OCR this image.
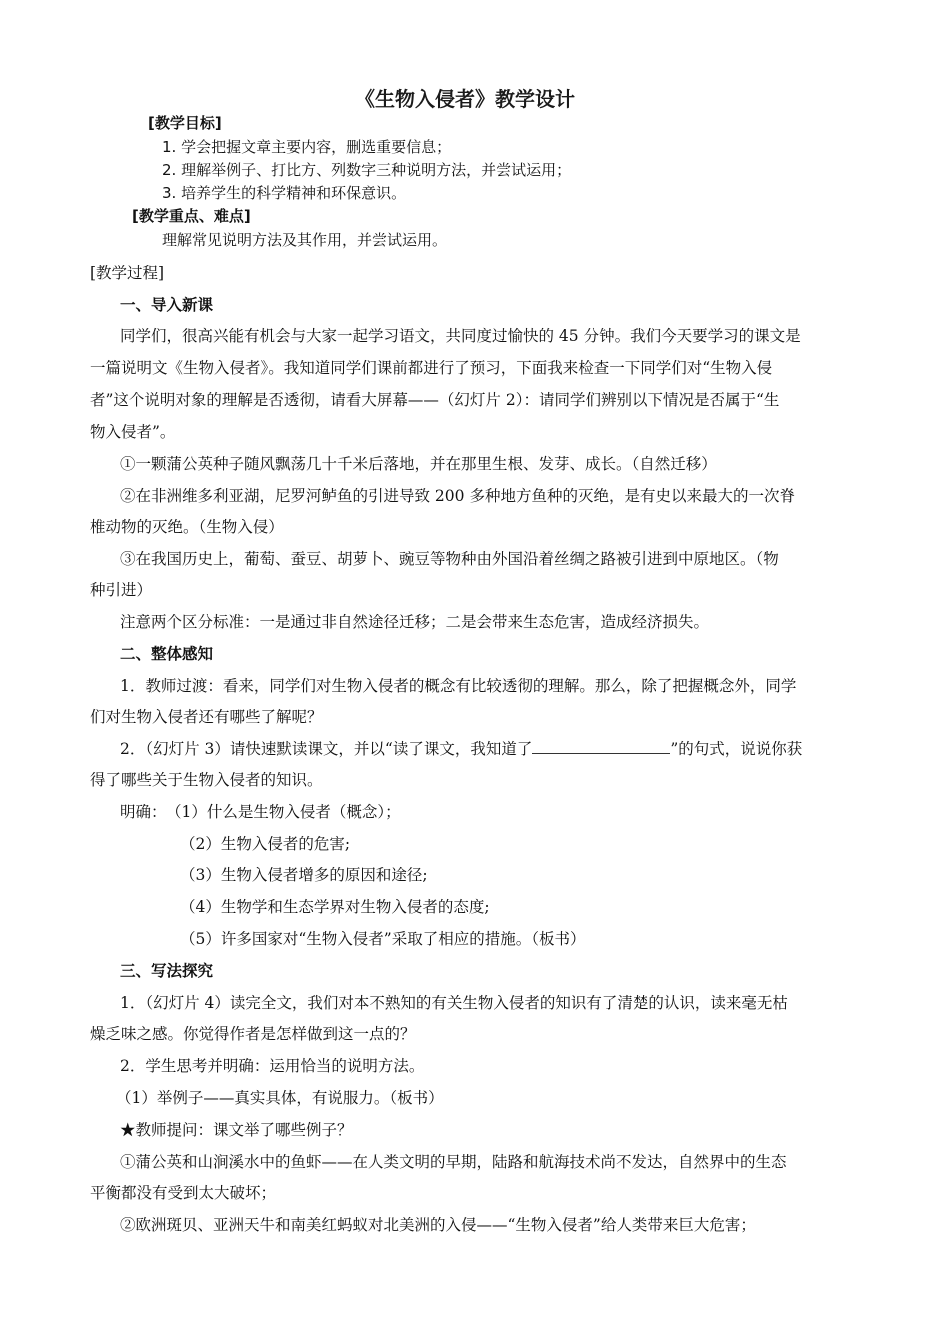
《生物入侵者》教学设计
[教学目标]
1. 学会把握文章主要内容，删选重要信息；
2. 理解举例子、打比方、列数字三种说明方法，并尝试运用；
3. 培养学生的科学精神和环保意识。
[教学重点、难点]
理解常见说明方法及其作用，并尝试运用。
[教学过程]
一、导入新课
同学们，很高兴能有机会与大家一起学习语文，共同度过愉快的 45 分钟。我们今天要学习的课文是
一篇说明文《生物入侵者》。我知道同学们课前都进行了预习，下面我来检查一下同学们对“生物入侵
者”这个说明对象的理解是否透彻，请看大屏幕——（幻灯片 2）：请同学们辨别以下情况是否属于“生
物入侵者”。
①一颗蒲公英种子随风飘荡几十千米后落地，并在那里生根、发芽、成长。（自然迁移）
②在非洲维多利亚湖，尼罗河鲈鱼的引进导致 200 多种地方鱼种的灭绝，是有史以来最大的一次脊
椎动物的灭绝。（生物入侵）
③在我国历史上，葡萄、蚕豆、胡萝卜、豌豆等物种由外国沿着丝绸之路被引进到中原地区。（物
种引进）
注意两个区分标准：一是通过非自然途径迁移；二是会带来生态危害，造成经济损失。
二、整体感知
1．教师过渡：看来，同学们对生物入侵者的概念有比较透彻的理解。那么，除了把握概念外，同学
们对生物入侵者还有哪些了解呢？
2．（幻灯片 3）请快速默读课文，并以“读了课文，我知道了	”的句式，说说你获
得了哪些关于生物入侵者的知识。
明确： （1）什么是生物入侵者（概念）；
（2）生物入侵者的危害;
（3）生物入侵者增多的原因和途径;
（4）生物学和生态学界对生物入侵者的态度;
（5）许多国家对“生物入侵者”采取了相应的措施。（板书）
三、写法探究
1．（幻灯片 4）读完全文，我们对本不熟知的有关生物入侵者的知识有了清楚的认识，读来毫无枯
燥乏味之感。你觉得作者是怎样做到这一点的？
2．学生思考并明确：运用恰当的说明方法。
（1）举例子——真实具体，有说服力。（板书）
★教师提问：课文举了哪些例子？
①蒲公英和山涧溪水中的鱼虾——在人类文明的早期，陆路和航海技术尚不发达，自然界中的生态
平衡都没有受到太大破坏；
②欧洲斑贝、亚洲天牛和南美红蚂蚁对北美洲的入侵——“生物入侵者”给人类带来巨大危害；
